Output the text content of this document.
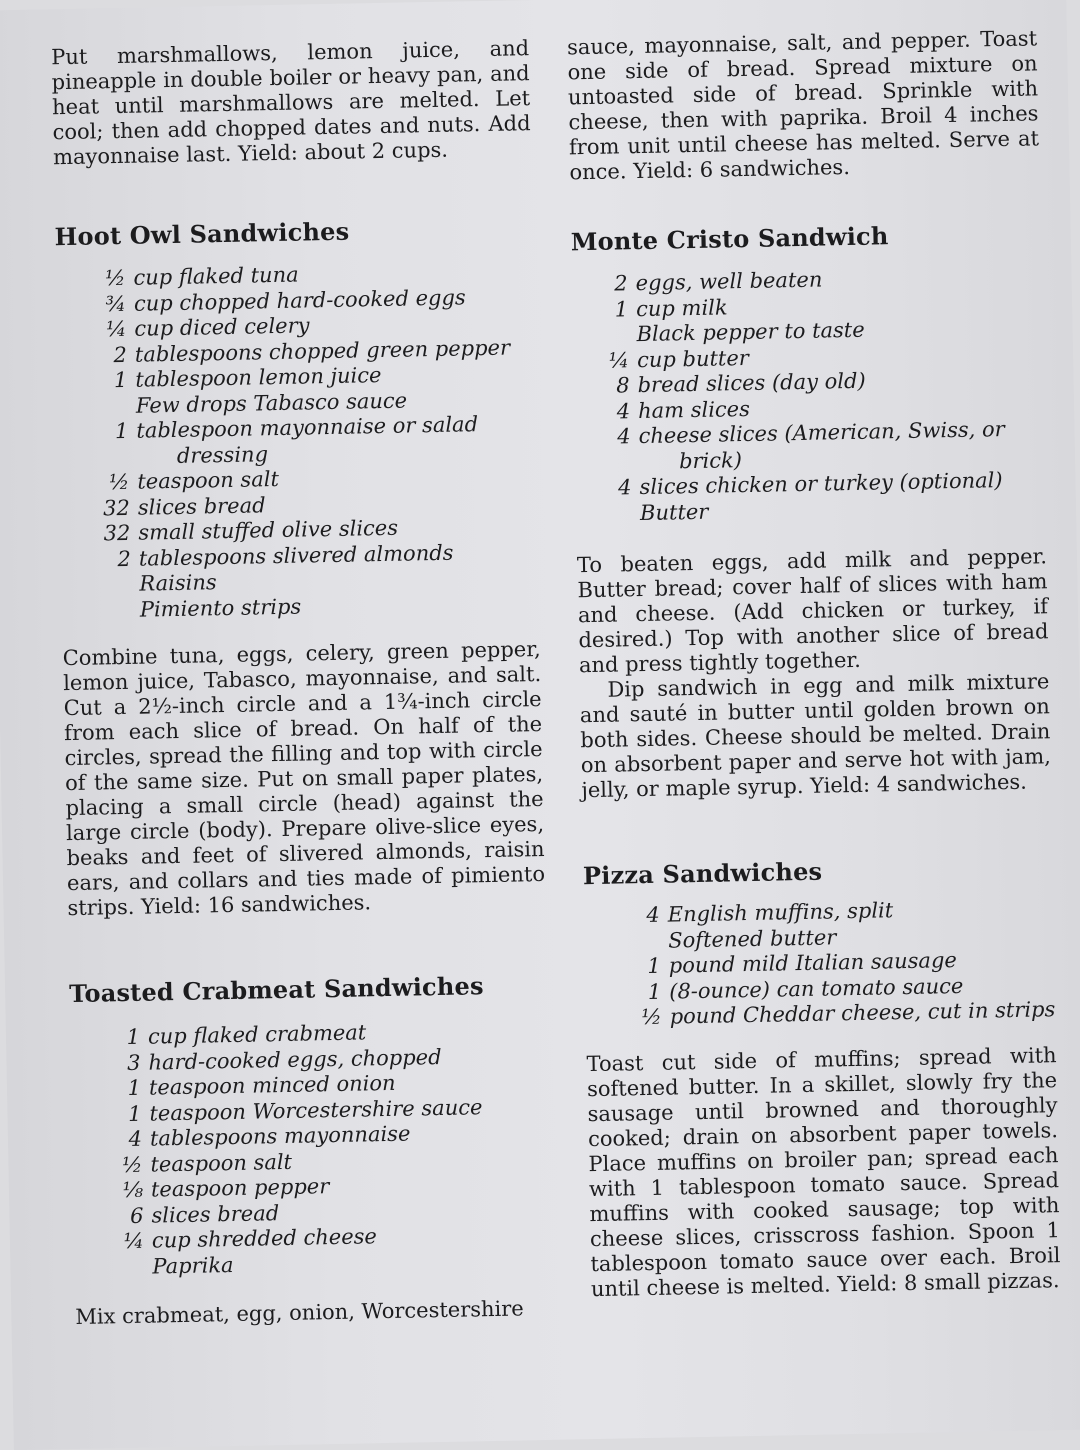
Put marshmallows, lemon juice, and pineapple in double boiler or heavy pan, and heat until marshmallows are melted. Let cool; then add chopped dates and nuts. Add mayonnaise last. Yield: about 2 cups.

Hoot Owl Sandwiches
½ cup flaked tuna
¾ cup chopped hard-cooked eggs
¼ cup diced celery
2 tablespoons chopped green pepper
1 tablespoon lemon juice
Few drops Tabasco sauce
1 tablespoon mayonnaise or salad
dressing
½ teaspoon salt
32 slices bread
32 small stuffed olive slices
2 tablespoons slivered almonds
Raisins
Pimiento strips

Combine tuna, eggs, celery, green pepper, lemon juice, Tabasco, mayonnaise, and salt. Cut a 2½-inch circle and a 1¾-inch circle from each slice of bread. On half of the circles, spread the filling and top with circle of the same size. Put on small paper plates, placing a small circle (head) against the large circle (body). Prepare olive-slice eyes, beaks and feet of slivered almonds, raisin ears, and collars and ties made of pimiento strips. Yield: 16 sandwiches.

Toasted Crabmeat Sandwiches
1 cup flaked crabmeat
3 hard-cooked eggs, chopped
1 teaspoon minced onion
1 teaspoon Worcestershire sauce
4 tablespoons mayonnaise
½ teaspoon salt
⅛ teaspoon pepper
6 slices bread
¼ cup shredded cheese
Paprika

Mix crabmeat, egg, onion, Worcestershire

sauce, mayonnaise, salt, and pepper. Toast one side of bread. Spread mixture on untoasted side of bread. Sprinkle with cheese, then with paprika. Broil 4 inches from unit until cheese has melted. Serve at once. Yield: 6 sandwiches.

Monte Cristo Sandwich
2 eggs, well beaten
1 cup milk
Black pepper to taste
¼ cup butter
8 bread slices (day old)
4 ham slices
4 cheese slices (American, Swiss, or
brick)
4 slices chicken or turkey (optional)
Butter

To beaten eggs, add milk and pepper. Butter bread; cover half of slices with ham and cheese. (Add chicken or turkey, if desired.) Top with another slice of bread and press tightly together.

Dip sandwich in egg and milk mixture and sauté in butter until golden brown on both sides. Cheese should be melted. Drain on absorbent paper and serve hot with jam, jelly, or maple syrup. Yield: 4 sandwiches.

Pizza Sandwiches
4 English muffins, split
Softened butter
1 pound mild Italian sausage
1 (8-ounce) can tomato sauce
½ pound Cheddar cheese, cut in strips

Toast cut side of muffins; spread with softened butter. In a skillet, slowly fry the sausage until browned and thoroughly cooked; drain on absorbent paper towels. Place muffins on broiler pan; spread each with 1 tablespoon tomato sauce. Spread muffins with cooked sausage; top with cheese slices, crisscross fashion. Spoon 1 tablespoon tomato sauce over each. Broil until cheese is melted. Yield: 8 small pizzas.
